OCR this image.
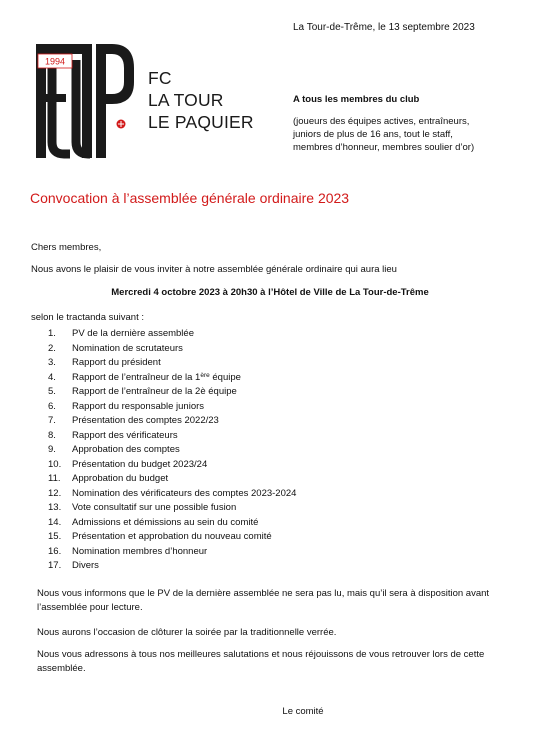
La Tour-de-Trême, le 13 septembre 2023
1994
FC
LA TOUR
LE PAQUIER
A tous les membres du club
(joueurs des équipes actives, entraîneurs,
juniors de plus de 16 ans, tout le staff,
membres d’honneur, membres soulier d’or)
Convocation à l’assemblée générale ordinaire 2023
Chers membres,
Nous avons le plaisir de vous inviter à notre assemblée générale ordinaire qui aura lieu
Mercredi 4 octobre 2023 à 20h30 à l’Hôtel de Ville de La Tour-de-Trême
selon le tractanda suivant :
1.	PV de la dernière assemblée
2.	Nomination de scrutateurs
3.	Rapport du président
4.	Rapport de l’entraîneur de la 1ère équipe
5.	Rapport de l’entraîneur de la 2è équipe
6.	Rapport du responsable juniors
7.	Présentation des comptes 2022/23
8.	Rapport des vérificateurs
9.	Approbation des comptes
10.	Présentation du budget 2023/24
11.	Approbation du budget
12.	Nomination des vérificateurs des comptes 2023-2024
13.	Vote consultatif sur une possible fusion
14.	Admissions et démissions au sein du comité
15.	Présentation et approbation du nouveau comité
16.	Nomination membres d’honneur
17.	Divers
Nous vous informons que le PV de la dernière assemblée ne sera pas lu, mais qu’il sera à disposition avant l’assemblée pour lecture.
Nous aurons l’occasion de clôturer la soirée par la traditionnelle verrée.
Nous vous adressons à tous nos meilleures salutations et nous réjouissons de vous retrouver lors de cette assemblée.
Le comité
